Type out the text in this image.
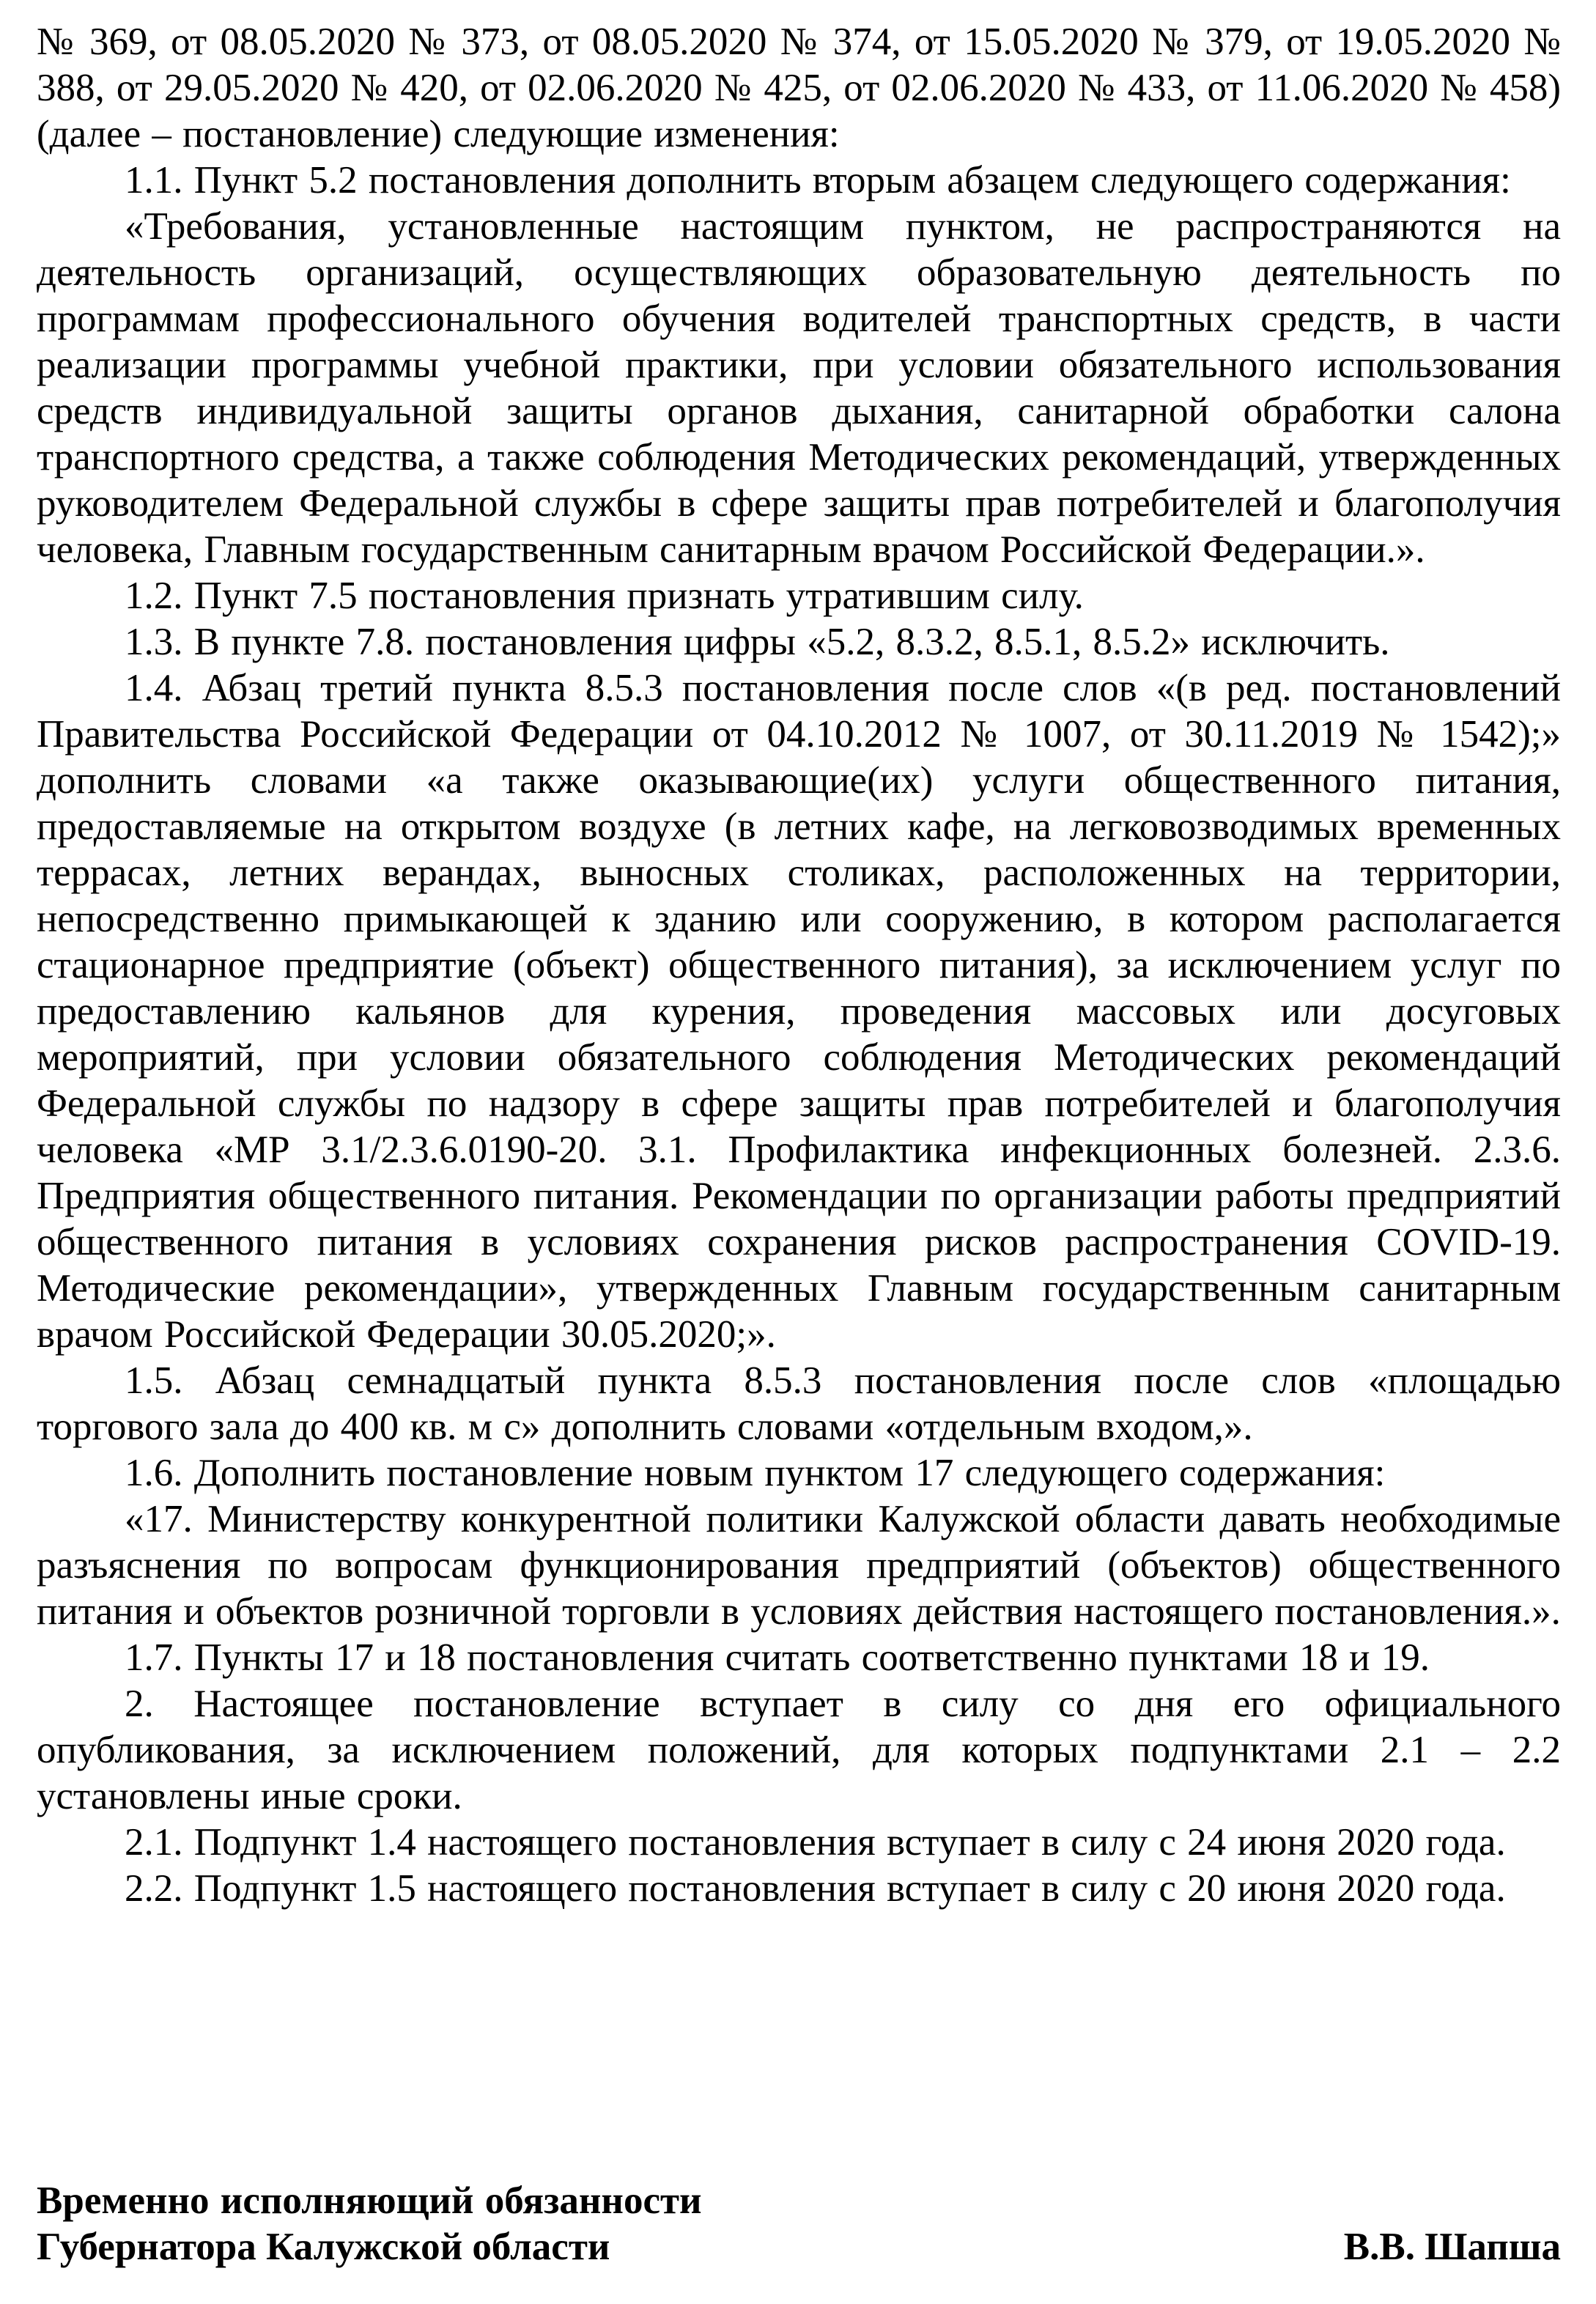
№ 369, от 08.05.2020 № 373, от 08.05.2020 № 374, от 15.05.2020 № 379, от 19.05.2020 № 388, от 29.05.2020 № 420, от 02.06.2020 № 425, от 02.06.2020 № 433, от 11.06.2020 № 458) (далее – постановление) следующие изменения:

1.1. Пункт 5.2 постановления дополнить вторым абзацем следующего содержания:

«Требования, установленные настоящим пунктом, не распространяются на деятельность организаций, осуществляющих образовательную деятельность по программам профессионального обучения водителей транспортных средств, в части реализации программы учебной практики, при условии обязательного использования средств индивидуальной защиты органов дыхания, санитарной обработки салона транспортного средства, а также соблюдения Методических рекомендаций, утвержденных руководителем Федеральной службы в сфере защиты прав потребителей и благополучия человека, Главным государственным санитарным врачом Российской Федерации.».

1.2. Пункт 7.5 постановления признать утратившим силу.

1.3. В пункте 7.8. постановления цифры «5.2, 8.3.2, 8.5.1, 8.5.2» исключить.

1.4. Абзац третий пункта 8.5.3 постановления после слов «(в ред. постановлений Правительства Российской Федерации от 04.10.2012 № 1007, от 30.11.2019 № 1542);» дополнить словами «а также оказывающие(их) услуги общественного питания, предоставляемые на открытом воздухе (в летних кафе, на легковозводимых временных террасах, летних верандах, выносных столиках, расположенных на территории, непосредственно примыкающей к зданию или сооружению, в котором располагается стационарное предприятие (объект) общественного питания), за исключением услуг по предоставлению кальянов для курения, проведения массовых или досуговых мероприятий, при условии обязательного соблюдения Методических рекомендаций Федеральной службы по надзору в сфере защиты прав потребителей и благополучия человека «МР 3.1/2.3.6.0190-20. 3.1. Профилактика инфекционных болезней. 2.3.6. Предприятия общественного питания. Рекомендации по организации работы предприятий общественного питания в условиях сохранения рисков распространения COVID-19. Методические рекомендации», утвержденных Главным государственным санитарным врачом Российской Федерации 30.05.2020;».

1.5. Абзац семнадцатый пункта 8.5.3 постановления после слов «площадью торгового зала до 400 кв. м с» дополнить словами «отдельным входом,».

1.6. Дополнить постановление новым пунктом 17 следующего содержания:

«17. Министерству конкурентной политики Калужской области давать необходимые разъяснения по вопросам функционирования предприятий (объектов) общественного питания и объектов розничной торговли в условиях действия настоящего постановления.».

1.7. Пункты 17 и 18 постановления считать соответственно пунктами 18 и 19.

2. Настоящее постановление вступает в силу со дня его официального опубликования, за исключением положений, для которых подпунктами 2.1 – 2.2 установлены иные сроки.

2.1. Подпункт 1.4 настоящего постановления вступает в силу с 24 июня 2020 года.

2.2. Подпункт 1.5 настоящего постановления вступает в силу с 20 июня 2020 года.

Временно исполняющий обязанности

Губернатора Калужской области	В.В. Шапша
